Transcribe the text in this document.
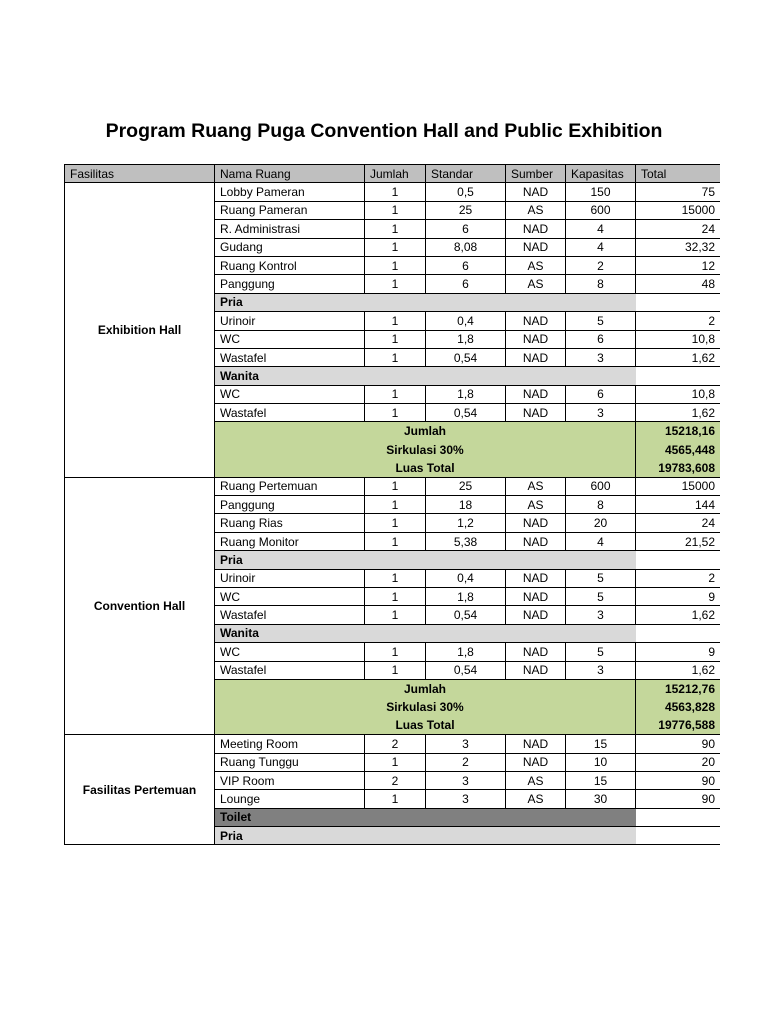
Program Ruang Puga Convention Hall and Public Exhibition
Fasilitas	Nama Ruang	Jumlah	Standar	Sumber	Kapasitas	Total
Exhibition Hall	Lobby Pameran	1	0,5	NAD	150	75
	Ruang Pameran	1	25	AS	600	15000
	R. Administrasi	1	6	NAD	4	24
	Gudang	1	8,08	NAD	4	32,32
	Ruang Kontrol	1	6	AS	2	12
	Panggung	1	6	AS	8	48
	Pria					
	Urinoir	1	0,4	NAD	5	2
	WC	1	1,8	NAD	6	10,8
	Wastafel	1	0,54	NAD	3	1,62
	Wanita					
	WC	1	1,8	NAD	6	10,8
	Wastafel	1	0,54	NAD	3	1,62
	Jumlah					15218,16
	Sirkulasi 30%					4565,448
	Luas Total					19783,608
Convention Hall	Ruang Pertemuan	1	25	AS	600	15000
	Panggung	1	18	AS	8	144
	Ruang Rias	1	1,2	NAD	20	24
	Ruang Monitor	1	5,38	NAD	4	21,52
	Pria					
	Urinoir	1	0,4	NAD	5	2
	WC	1	1,8	NAD	5	9
	Wastafel	1	0,54	NAD	3	1,62
	Wanita					
	WC	1	1,8	NAD	5	9
	Wastafel	1	0,54	NAD	3	1,62
	Jumlah					15212,76
	Sirkulasi 30%					4563,828
	Luas Total					19776,588
Fasilitas Pertemuan	Meeting Room	2	3	NAD	15	90
	Ruang Tunggu	1	2	NAD	10	20
	VIP Room	2	3	AS	15	90
	Lounge	1	3	AS	30	90
	Toilet					
	Pria					
